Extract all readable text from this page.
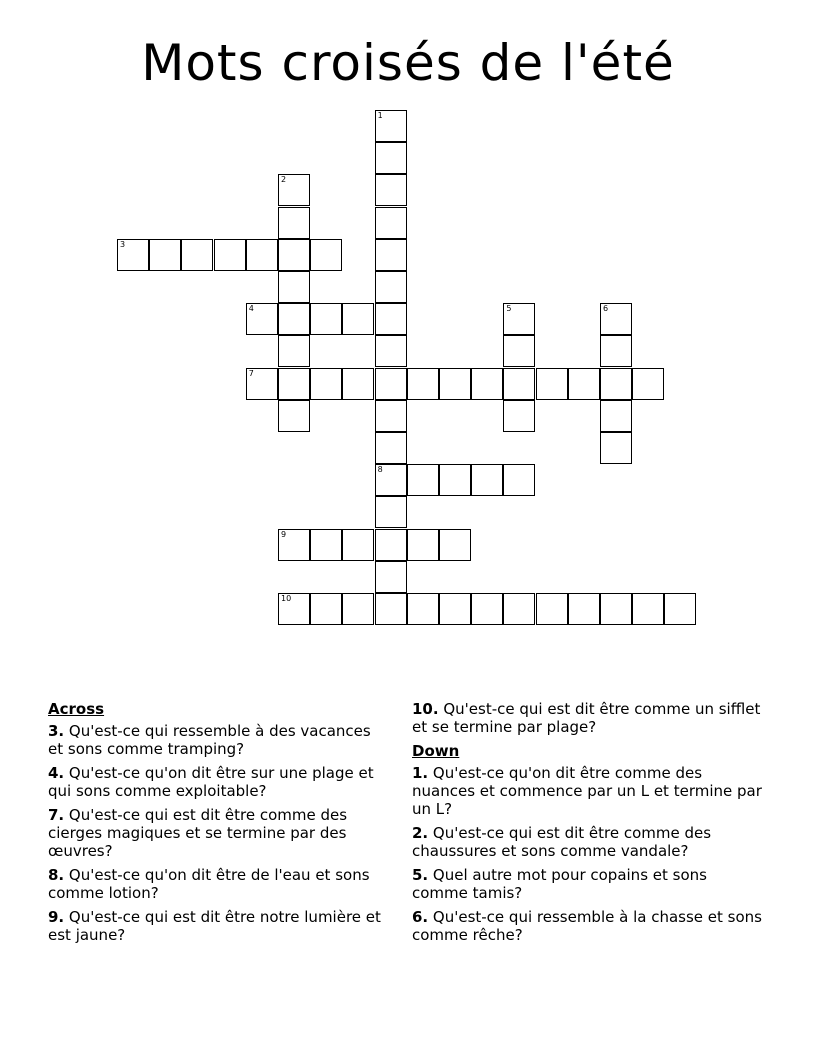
Mots croisés de l'été
1
8
2
3
4	5	6
7
9
10
Across
3. Qu'est-ce qui ressemble à des vacances et sons comme tramping?
4. Qu'est-ce qu'on dit être sur une plage et qui sons comme exploitable?
7. Qu'est-ce qui est dit être comme des cierges magiques et se termine par des œuvres?
8. Qu'est-ce qu'on dit être de l'eau et sons comme lotion?
9. Qu'est-ce qui est dit être notre lumière et est jaune?
10. Qu'est-ce qui est dit être comme un sifflet et se termine par plage?
Down
1. Qu'est-ce qu'on dit être comme des nuances et commence par un L et termine par un L?
2. Qu'est-ce qui est dit être comme des chaussures et sons comme vandale?
5. Quel autre mot pour copains et sons comme tamis?
6. Qu'est-ce qui ressemble à la chasse et sons comme rêche?
